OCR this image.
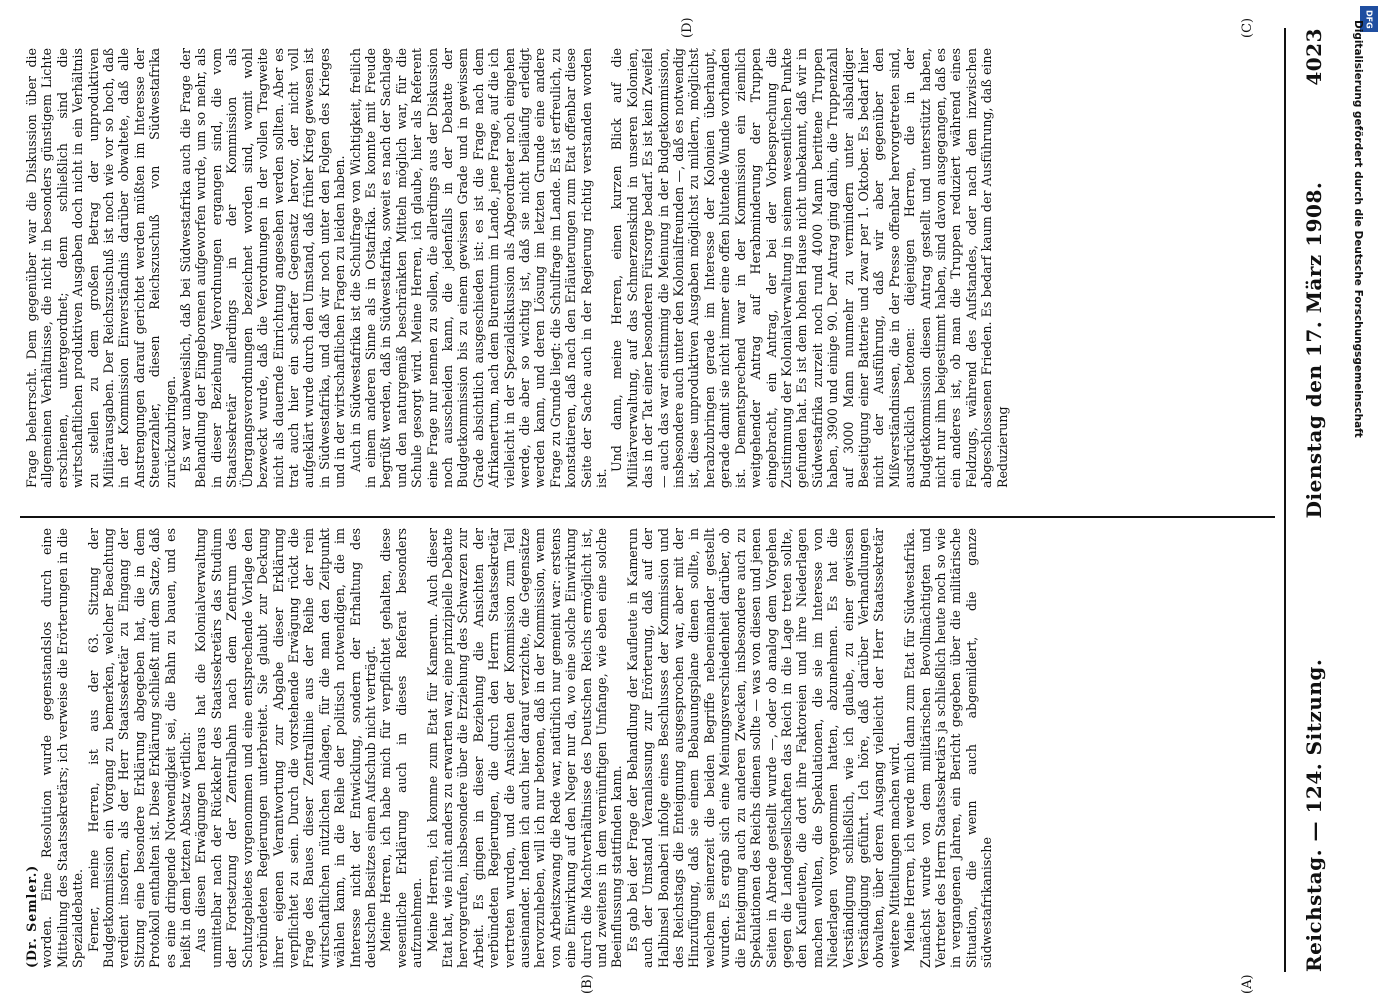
Reichstag. — 124. Sitzung.
Dienstag den 17. März 1908.
4023

(Dr. Semler.) worden. Eine Resolution wurde gegenstandslos durch eine Mitteilung des Staatssekretärs; ich verweise die Erörterungen in die Spezialdebatte. Ferner, meine Herren, ist aus der 63. Sitzung der Budgetkommission ein Vorgang zu bemerken, welcher Beachtung verdient insofern, als der Herr Staatssekretär zu Eingang der Sitzung eine besondere Erklärung abgegeben hat, die in dem Protokoll enthalten ist. Diese Erklärung schließt mit dem Satze, daß es eine dringende Notwendigkeit sei, die Bahn zu bauen, und es heißt in dem letzten Absatz wörtlich: Aus diesen Erwägungen heraus hat die Kolonialverwaltung unmittelbar nach der Rückkehr des Staatssekretärs das Studium der Fortsetzung der Zentralbahn nach dem Zentrum des Schutzgebietes vorgenommen und eine entsprechende Vorlage den verbündeten Regierungen unterbreitet. Sie glaubt zur Deckung ihrer eigenen Verantwortung zur Abgabe dieser Erklärung verpflichtet zu sein. Durch die vorstehende Erwägung rückt die Frage des Baues dieser Zentrallinie aus der Reihe der rein wirtschaftlichen nützlichen Anlagen, für die man den Zeitpunkt wählen kann, in die Reihe der politisch notwendigen, die im Interesse nicht der Entwicklung, sondern der Erhaltung des deutschen Besitzes einen Aufschub nicht verträgt. Meine Herren, ich habe mich für verpflichtet gehalten, diese wesentliche Erklärung auch in dieses Referat besonders aufzunehmen. Meine Herren, ich komme zum Etat für Kamerun. Auch dieser Etat hat, wie nicht anders zu erwarten war, eine prinzipielle Debatte hervorgerufen, insbesondere über die Erziehung des Schwarzen zur Arbeit. Es gingen in dieser Beziehung die Ansichten der verbündeten Regierungen, die durch den Herrn Staatssekretär vertreten wurden, und die Ansichten der Kommission zum Teil auseinander. Indem ich auch hier darauf verzichte, die Gegensätze hervorzuheben, will ich nur betonen, daß in der Kommission, wenn von Arbeitszwang die Rede war, natürlich nur gemeint war: erstens eine Einwirkung auf den Neger nur da, wo eine solche Einwirkung durch die Machtverhältnisse des Deutschen Reichs ermöglicht ist, und zweitens in dem vernünftigen Umfange, wie eben eine solche Beeinflussung stattfinden kann. Es gab bei der Frage der Behandlung der Kaufleute in Kamerun auch der Umstand Veranlassung zur Erörterung, daß auf der Halbinsel Bonaberi infolge eines Beschlusses der Kommission und des Reichstags die Enteignung ausgesprochen war, aber mit der Hinzufügung, daß sie einem Bebauungsplane dienen sollte, in welchem seinerzeit die beiden Begriffe nebeneinander gestellt wurden. Es ergab sich eine Meinungsverschiedenheit darüber, ob die Enteignung auch zu anderen Zwecken, insbesondere auch zu Spekulationen des Reichs dienen sollte — was von diesen und jenen Seiten in Abrede gestellt wurde —, oder ob analog dem Vorgehen gegen die Landgesellschaften das Reich in die Lage treten sollte, den Kaufleuten, die dort ihre Faktoreien und ihre Niederlagen machen wollten, die Spekulationen, die sie im Interesse von Niederlagen vorgenommen hatten, abzunehmen. Es hat die Verständigung schließlich, wie ich glaube, zu einer gewissen Verständigung geführt. Ich höre, daß darüber Verhandlungen obwalten, über deren Ausgang vielleicht der Herr Staatssekretär weitere Mitteilungen machen wird. Meine Herren, ich werde mich dann zum Etat für Südwestafrika. Zunächst wurde von dem militärischen Bevollmächtigten und Vertreter des Herrn Staatssekretärs ja schließlich heute noch so wie in vergangenen Jahren, ein Bericht gegeben über die militärische Situation, die wenn auch abgemildert, die ganze südwestafrikanische

Frage beherrscht. Dem gegenüber war die Diskussion über die allgemeinen Verhältnisse, die nicht in besonders günstigem Lichte erschienen, untergeordnet; denn schließlich sind die wirtschaftlichen produktiven Ausgaben doch nicht in ein Verhältnis zu stellen zu dem großen Betrag der unproduktiven Militärausgaben. Der Reichszuschuß ist noch wie vor so hoch, daß in der Kommission Einverständnis darüber obwaltete, daß alle Anstrengungen darauf gerichtet werden müßten im Interesse der Steuerzahler, diesen Reichszuschuß von Südwestafrika zurückzubringen. Es war unabweislich, daß bei Südwestafrika auch die Frage der Behandlung der Eingeborenen aufgeworfen wurde, um so mehr, als in dieser Beziehung Verordnungen ergangen sind, die vom Staatssekretär allerdings in der Kommission als Übergangsverordnungen bezeichnet worden sind, womit wohl bezweckt wurde, daß die Verordnungen in der vollen Tragweite nicht als dauernde Einrichtung angesehen werden sollten. Aber es trat auch hier ein scharfer Gegensatz hervor, der nicht voll aufgeklärt wurde durch den Umstand, daß früher Krieg gewesen ist in Südwestafrika, und daß wir noch unter den Folgen des Krieges und in der wirtschaftlichen Fragen zu leiden haben. Auch in Südwestafrika ist die Schulfrage von Wichtigkeit, freilich in einem anderen Sinne als in Ostafrika. Es konnte mit Freude begrüßt werden, daß in Südwestafrika, soweit es nach der Sachlage und den naturgemäß beschränkten Mitteln möglich war, für die Schule gesorgt wird. Meine Herren, ich glaube, hier als Referent eine Frage nur nennen zu sollen, die allerdings aus der Diskussion noch ausscheiden kann, die jedenfalls in der Debatte der Budgetkommission bis zu einem gewissen Grade und in gewissem Grade absichtlich ausgeschieden ist: es ist die Frage nach dem Afrikanertum, nach dem Burentum im Lande, jene Frage, auf die ich vielleicht in der Spezialdiskussion als Abgeordneter noch eingehen werde, die aber so wichtig ist, daß sie nicht beiläufig erledigt werden kann, und deren Lösung im letzten Grunde eine andere Frage zu Grunde liegt: die Schulfrage im Lande. Es ist erfreulich, zu konstatieren, daß nach den Erläuterungen zum Etat offenbar diese Seite der Sache auch in der Regierung richtig verstanden worden ist.

Und dann, meine Herren, einen kurzen Blick auf die Militärverwaltung, auf das Schmerzenskind in unseren Kolonien, das in der Tat einer besonderen Fürsorge bedarf. Es ist kein Zweifel — auch das war einstimmig die Meinung in der Budgetkommission, insbesondere auch unter den Kolonialfreunden —, daß es notwendig ist, diese unproduktiven Ausgaben möglichst zu mildern, möglichst herabzubringen gerade im Interesse der Kolonien überhaupt, gerade damit sie nicht immer eine offen blutende Wunde vorhanden ist. Dementsprechend war in der Kommission ein ziemlich weitgehender Antrag auf Herabminderung der Truppen eingebracht, ein Antrag, der bei der Vorbesprechung die Zustimmung der Kolonialverwaltung in seinem wesentlichen Punkte gefunden hat. Es ist dem hohen Hause nicht unbekannt, daß wir in Südwestafrika zurzeit noch rund 4000 Mann berittene Truppen haben, 3900 und einige 90. Der Antrag ging dahin, die Truppenzahl auf 3000 Mann nunmehr zu vermindern unter alsbaldiger Beseitigung einer Batterie und zwar per 1. Oktober. Es bedarf hier nicht der Ausführung, daß wir aber gegenüber den Mißverständnissen, die in der Presse offenbar hervorgetreten sind, ausdrücklich betonen: diejenigen Herren, die in der Budgetkommission diesen Antrag gestellt und unterstützt haben, nicht nur ihm beigestimmt haben, sind davon ausgegangen, daß es ein anderes ist, ob man die Truppen reduziert während eines Feldzugs, während des Aufstandes, oder nach dem inzwischen abgeschlossenen Frieden. Es bedarf kaum der Ausführung, daß eine Reduzierung

(A)
(B)
(C)
(D)	DFG
Digitalisierung gefördert durch die Deutsche Forschungsgemeinschaft
